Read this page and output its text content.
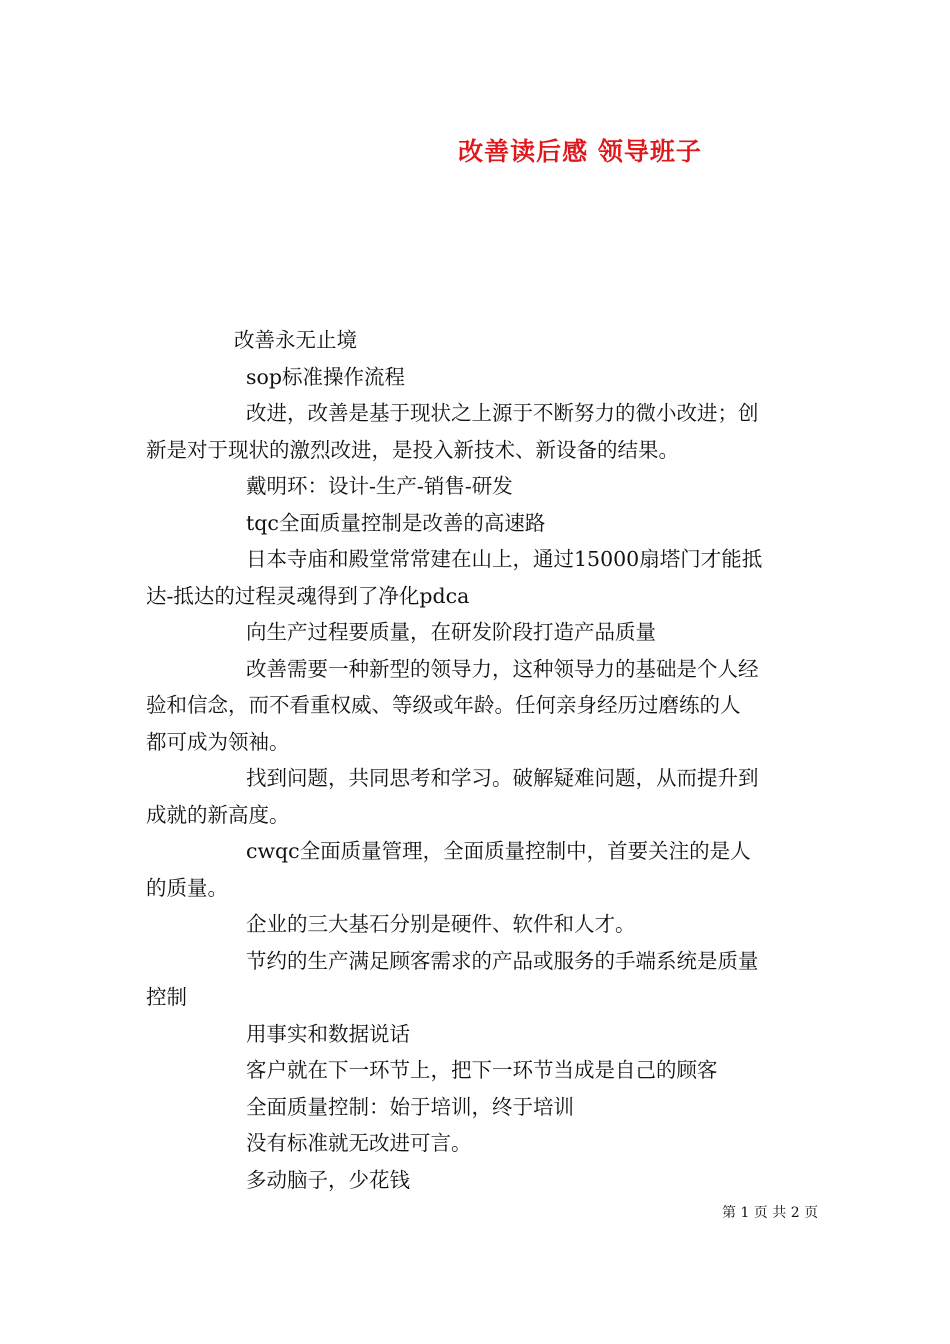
改善读后感 领导班子

改善永无止境

sop标准操作流程

改进，改善是基于现状之上源于不断努力的微小改进；创

新是对于现状的激烈改进，是投入新技术、新设备的结果。

戴明环：设计-生产-销售-研发

tqc全面质量控制是改善的高速路

日本寺庙和殿堂常常建在山上，通过15000扇塔门才能抵

达-抵达的过程灵魂得到了净化pdca

向生产过程要质量，在研发阶段打造产品质量

改善需要一种新型的领导力，这种领导力的基础是个人经

验和信念，而不看重权威、等级或年龄。任何亲身经历过磨练的人

都可成为领袖。

找到问题，共同思考和学习。破解疑难问题，从而提升到

成就的新高度。

cwqc全面质量管理，全面质量控制中，首要关注的是人

的质量。

企业的三大基石分别是硬件、软件和人才。

节约的生产满足顾客需求的产品或服务的手端系统是质量

控制

用事实和数据说话

客户就在下一环节上，把下一环节当成是自己的顾客

全面质量控制：始于培训，终于培训

没有标准就无改进可言。

多动脑子，少花钱

第 1 页 共 2 页
